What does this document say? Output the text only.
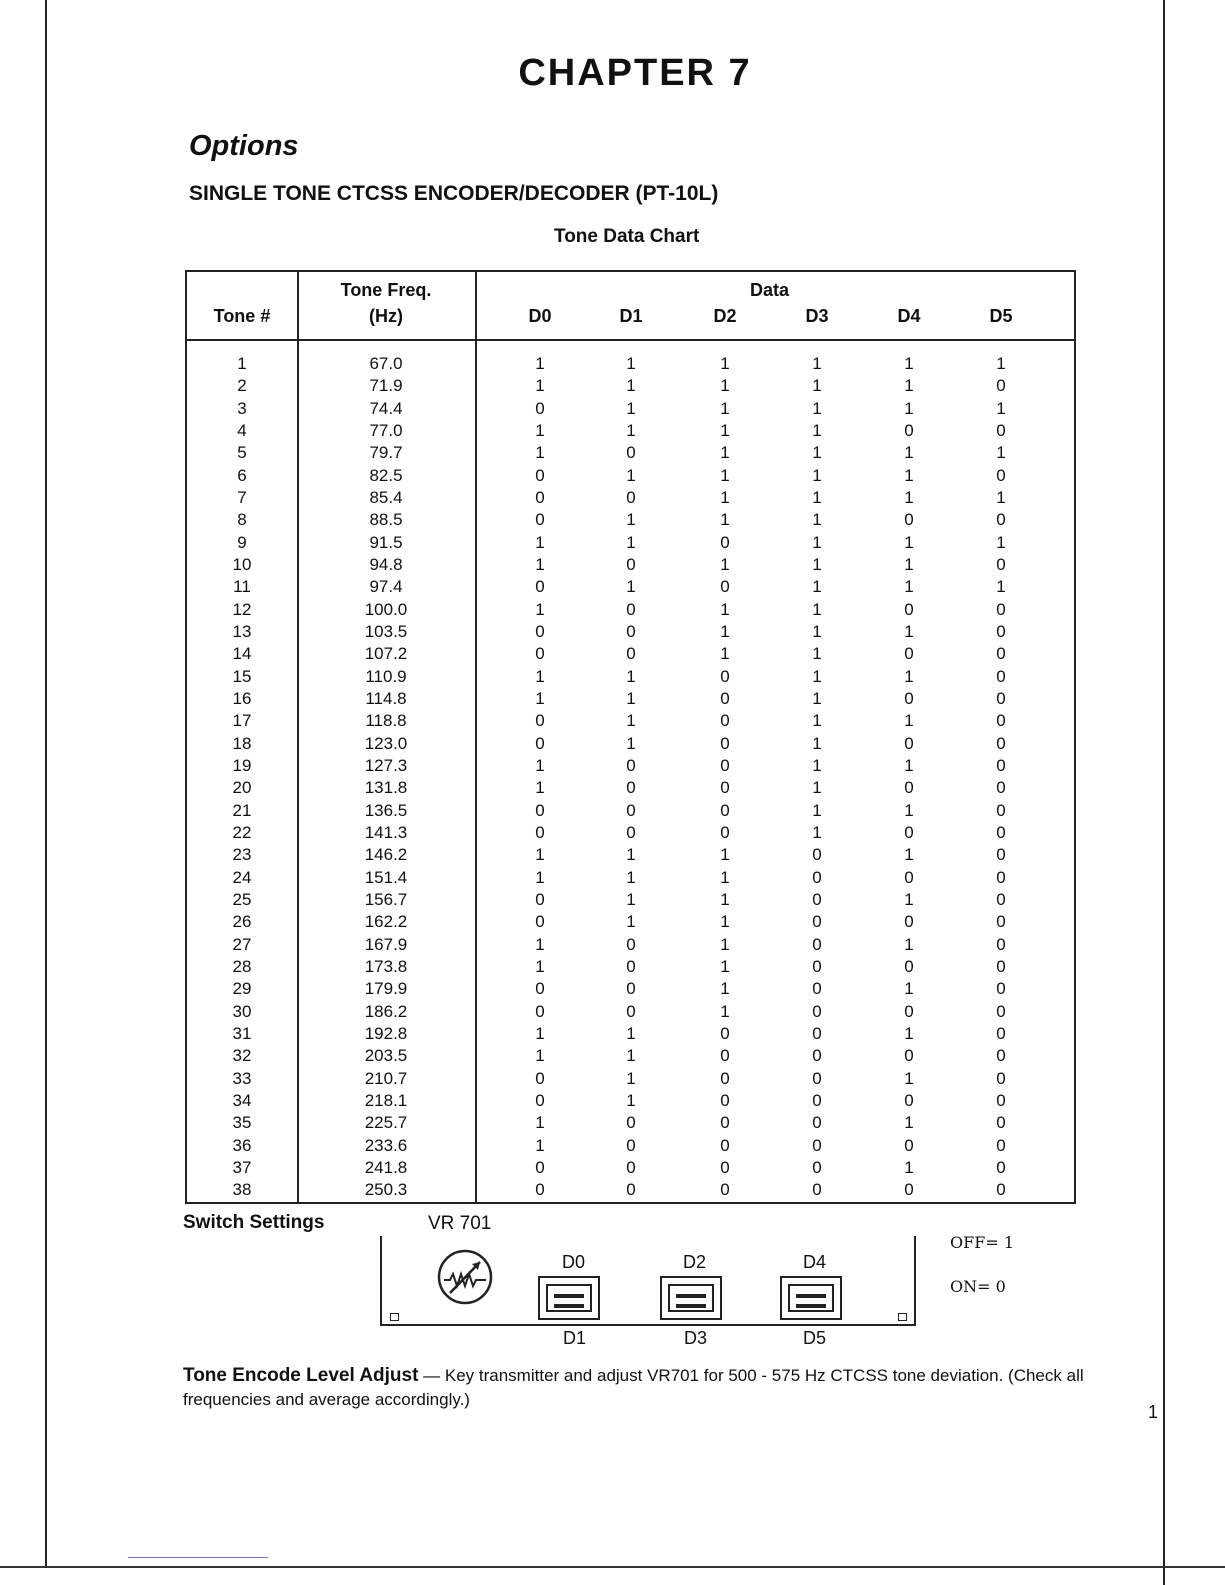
CHAPTER 7
Options
SINGLE TONE CTCSS ENCODER/DECODER (PT-10L)
Tone Data Chart
Tone #
Tone Freq.
(Hz)
Data
D0	D1	D2	D3	D4	D5
1	67.0	1	1	1	1	1	1
2	71.9	1	1	1	1	1	0
3	74.4	0	1	1	1	1	1
4	77.0	1	1	1	1	0	0
5	79.7	1	0	1	1	1	1
6	82.5	0	1	1	1	1	0
7	85.4	0	0	1	1	1	1
8	88.5	0	1	1	1	0	0
9	91.5	1	1	0	1	1	1
10	94.8	1	0	1	1	1	0
11	97.4	0	1	0	1	1	1
12	100.0	1	0	1	1	0	0
13	103.5	0	0	1	1	1	0
14	107.2	0	0	1	1	0	0
15	110.9	1	1	0	1	1	0
16	114.8	1	1	0	1	0	0
17	118.8	0	1	0	1	1	0
18	123.0	0	1	0	1	0	0
19	127.3	1	0	0	1	1	0
20	131.8	1	0	0	1	0	0
21	136.5	0	0	0	1	1	0
22	141.3	0	0	0	1	0	0
23	146.2	1	1	1	0	1	0
24	151.4	1	1	1	0	0	0
25	156.7	0	1	1	0	1	0
26	162.2	0	1	1	0	0	0
27	167.9	1	0	1	0	1	0
28	173.8	1	0	1	0	0	0
29	179.9	0	0	1	0	1	0
30	186.2	0	0	1	0	0	0
31	192.8	1	1	0	0	1	0
32	203.5	1	1	0	0	0	0
33	210.7	0	1	0	0	1	0
34	218.1	0	1	0	0	0	0
35	225.7	1	0	0	0	1	0
36	233.6	1	0	0	0	0	0
37	241.8	0	0	0	0	1	0
38	250.3	0	0	0	0	0	0
Switch Settings	VR 701
D0	D2	D4
D1	D3	D5
OFF= 1
ON= 0
Tone Encode Level Adjust — Key transmitter and adjust VR701 for 500 - 575 Hz CTCSS tone deviation. (Check all frequencies and average accordingly.)
1
